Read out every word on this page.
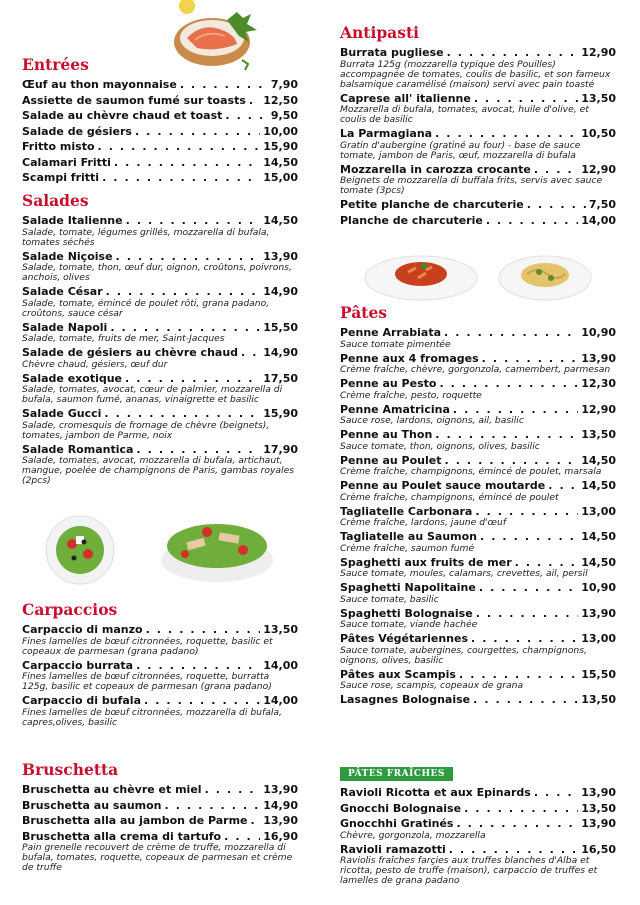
Entrées
Œuf au thon mayonnaise . . .	7,90
Assiette de saumon fumé sur toasts . . . 12,50
Salade au chèvre chaud et toast . . .	9,50
Salade de gésiers . . .	10,00
Fritto misto . . .	15,90
Calamari Fritti . . .	14,50
Scampi fritti . . .	15,00
Salades
Salade Italienne . . .	14,50
Salade, tomate, légumes grillés, mozzarella di bufala, tomates séchés
Salade Niçoise . . .	13,90
Salade, tomate, thon, œuf dur, oignon, croûtons, poivrons, anchois, olives
Salade César . . .	14,90
Salade, tomate, émincé de poulet rôti, grana padano, croûtons, sauce césar
Salade Napoli . . .	15,50
Salade, tomate, fruits de mer, Saint-Jacques
Salade de gésiers au chèvre chaud . . . 14,90
Chèvre chaud, gésiers, œuf dur
Salade exotique . . .	17,50
Salade, tomates, avocat, cœur de palmier, mozzarella di bufala, saumon fumé, ananas, vinaigrette et basilic
Salade Gucci . . .	15,90
Salade, cromesquis de fromage de chèvre (beignets), tomates, jambon de Parme, noix
Salade Romantica . . .	17,90
Salade, tomates, avocat, mozzarella di bufala, artichaut, mangue, poelée de champignons de Paris, gambas royales (2pcs)
Carpaccios
Carpaccio di manzo . . .	13,50
Fines lamelles de bœuf citronnées, roquette, basilic et copeaux de parmesan (grana padano)
Carpaccio burrata . . .	14,00
Fines lamelles de bœuf citronnées, roquette, burratta 125g, basilic et copeaux de parmesan (grana padano)
Carpaccio di bufala . . .	14,00
Fines lamelles de bœuf citronnées, mozzarella di bufala, capres,olives, basilic
Bruschetta
Bruschetta au chèvre et miel . . .	13,90
Bruschetta au saumon . . .	14,90
Bruschetta alla au jambon de Parme . . . 13,90
Bruschetta alla crema di tartufo . . .	16,90
Pain grenelle recouvert de crème de truffe, mozzarella di bufala, tomates, roquette, copeaux de parmesan et crème de truffe
Antipasti
Burrata pugliese . . .	12,90
Burrata 125g (mozzarella typique des Pouilles) accompagnée de tomates, coulis de basilic, et son fameux balsamique caramélisé (maison) servi avec pain toasté
Caprese all' italienne . . .	13,50
Mozzarella di bufala, tomates, avocat, huile d'olive, et coulis de basilic
La Parmagiana . . .	10,50
Gratin d'aubergine (gratiné au four) - base de sauce tomate, jambon de Paris, œuf, mozzarella di bufala
Mozzarella in carozza crocante . . .	12,90
Beignets de mozzarella di buffala frits, servis avec sauce tomate (3pcs)
Petite planche de charcuterie . . .	7,50
Planche de charcuterie . . .	14,00
Pâtes
Penne Arrabiata . . .	10,90
Sauce tomate pimentée
Penne aux 4 fromages . . .	13,90
Crème fraîche, chèvre, gorgonzola, camembert, parmesan
Penne au Pesto . . .	12,30
Crème fraîche, pesto, roquette
Penne Amatricina . . .	12,90
Sauce rose, lardons, oignons, ail, basilic
Penne au Thon . . .	13,50
Sauce tomate, thon, oignons, olives, basilic
Penne au Poulet . . .	14,50
Crème fraîche, champignons, émincé de poulet, marsala
Penne au Poulet sauce moutarde . . .	14,50
Crème fraîche, champignons, émincé de poulet
Tagliatelle Carbonara . . .	13,00
Crème fraîche, lardons, jaune d'œuf
Tagliatelle au Saumon . . .	14,50
Crème fraîche, saumon fumé
Spaghetti aux fruits de mer . . .	14,50
Sauce tomate, moules, calamars, crevettes, ail, persil
Spaghetti Napolitaine . . .	10,90
Sauce tomate, basilic
Spaghetti Bolognaise . . .	13,90
Sauce tomate, viande hachée
Pâtes Végétariennes . . .	13,00
Sauce tomate, aubergines, courgettes, champignons, oignons, olives, basilic
Pâtes aux Scampis . . .	15,50
Sauce rose, scampis, copeaux de grana
Lasagnes Bolognaise . . .	13,50
PÂTES FRAÎCHES
Ravioli Ricotta et aux Epinards . . .	13,90
Gnocchi Bolognaise . . .	13,50
Gnocchhi Gratinés . . .	13,90
Chèvre, gorgonzola, mozzarella
Ravioli ramazotti . . .	16,50
Raviolis fraîches farçies aux truffes blanches d'Alba et ricotta, pesto de truffe (maison), carpaccio de truffes et lamelles de grana padano
